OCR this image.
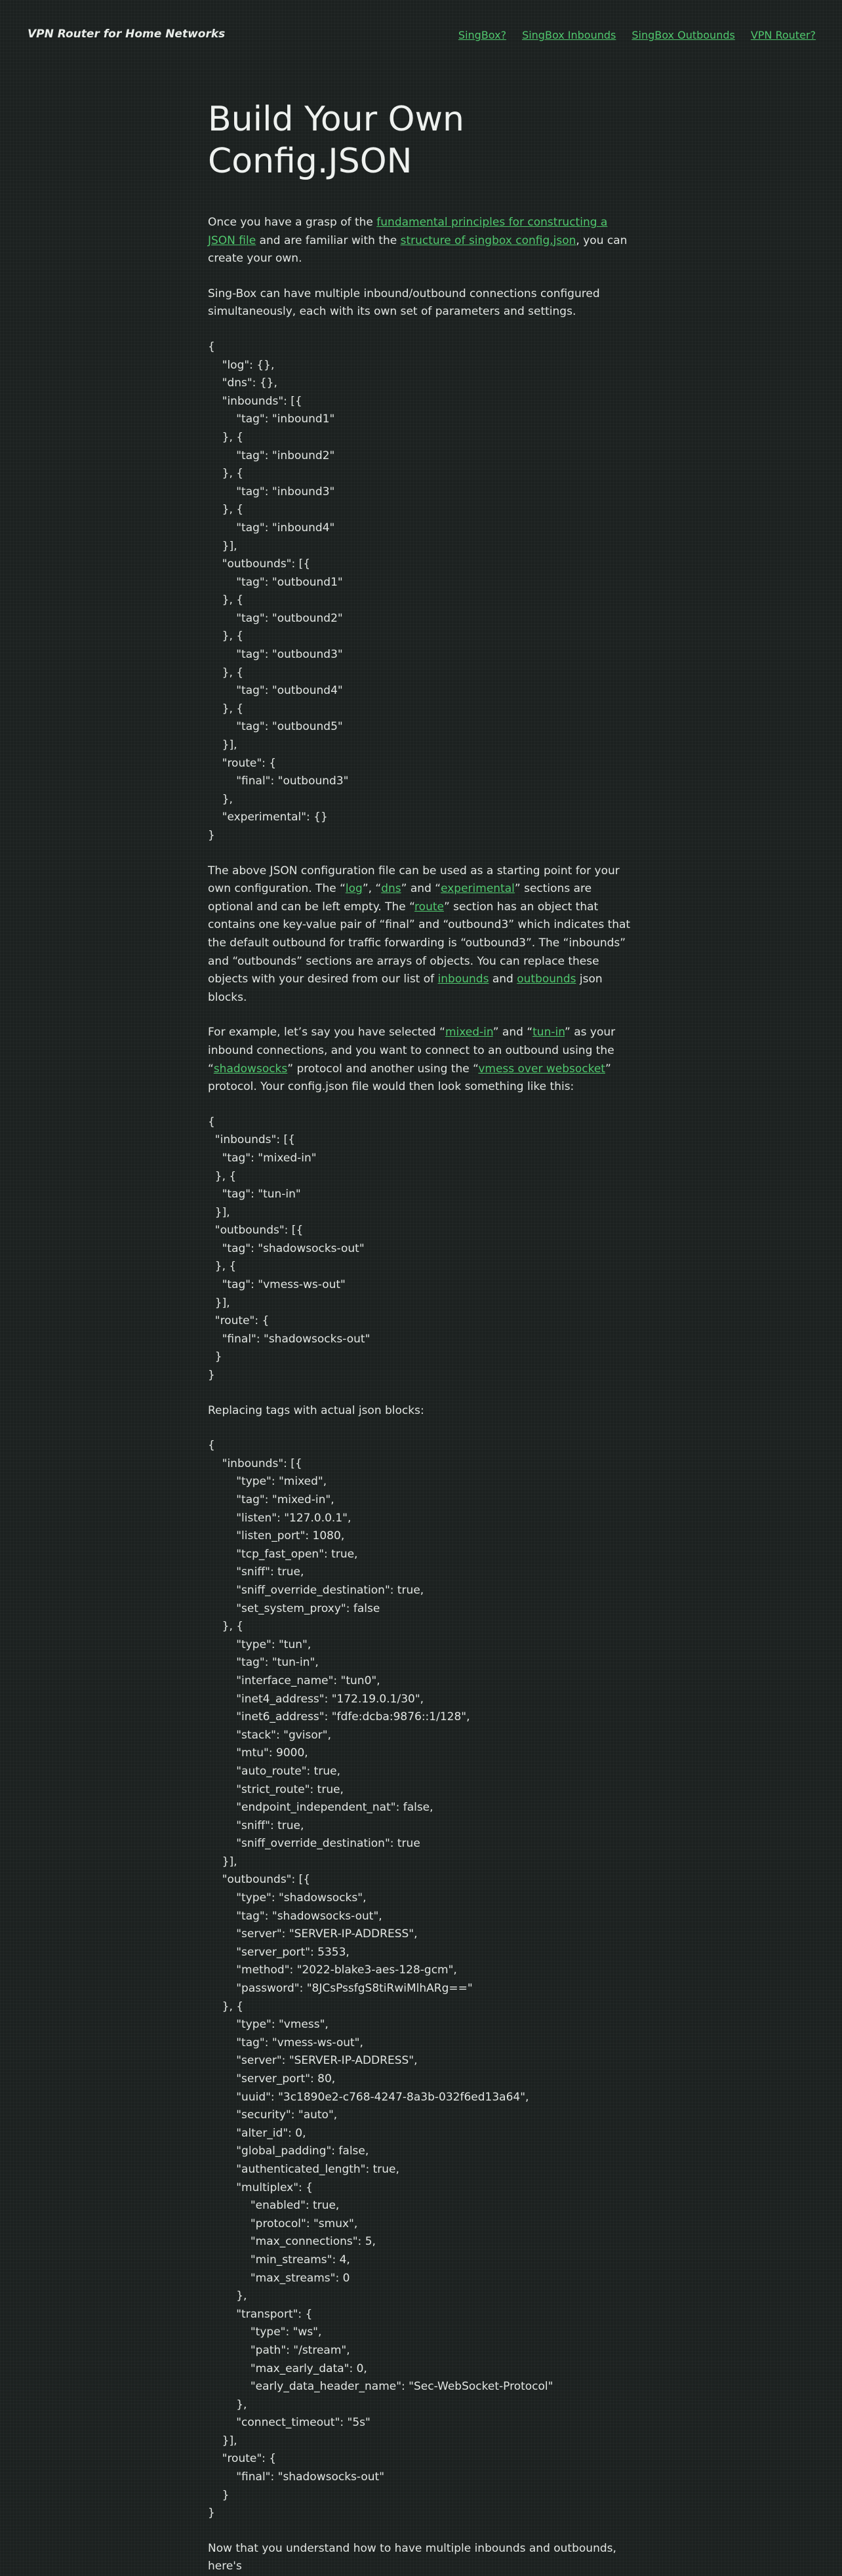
VPN Router for Home Networks	SingBox? SingBox Inbounds SingBox Outbounds VPN Router?
Build Your Own Config.JSON

Once you have a grasp of the fundamental principles for constructing a JSON file and are familiar with the structure of singbox config.json, you can create your own.

Sing-Box can have multiple inbound/outbound connections configured simultaneously, each with its own set of parameters and settings.

{
	"log": {},
	"dns": {},
	"inbounds": [{
		"tag": "inbound1"
	}, {
		"tag": "inbound2"
	}, {
		"tag": "inbound3"
	}, {
		"tag": "inbound4"
	}],
	"outbounds": [{
		"tag": "outbound1"
	}, {
		"tag": "outbound2"
	}, {
		"tag": "outbound3"
	}, {
		"tag": "outbound4"
	}, {
		"tag": "outbound5"
	}],
	"route": {
		"final": "outbound3"
	},
	"experimental": {}
}

The above JSON configuration file can be used as a starting point for your own configuration. The “log”, “dns” and “experimental” sections are optional and can be left empty. The “route” section has an object that contains one key-value pair of “final” and “outbound3” which indicates that the default outbound for traffic forwarding is “outbound3”. The “inbounds” and “outbounds” sections are arrays of objects. You can replace these objects with your desired from our list of inbounds and outbounds json blocks.

For example, let’s say you have selected “mixed-in” and “tun-in” as your inbound connections, and you want to connect to an outbound using the “shadowsocks” protocol and another using the “vmess over websocket” protocol. Your config.json file would then look something like this:

{
"inbounds": [{
"tag": "mixed-in"
}, {
"tag": "tun-in"
}],
"outbounds": [{
"tag": "shadowsocks-out"
}, {
"tag": "vmess-ws-out"
}],
"route": {
"final": "shadowsocks-out"
}
}

Replacing tags with actual json blocks:

{
	"inbounds": [{
		"type": "mixed",
		"tag": "mixed-in",
		"listen": "127.0.0.1",
		"listen_port": 1080,
		"tcp_fast_open": true,
		"sniff": true,
		"sniff_override_destination": true,
		"set_system_proxy": false
	}, {
		"type": "tun",
		"tag": "tun-in",
		"interface_name": "tun0",
		"inet4_address": "172.19.0.1/30",
		"inet6_address": "fdfe:dcba:9876::1/128",
		"stack": "gvisor",
		"mtu": 9000,
		"auto_route": true,
		"strict_route": true,
		"endpoint_independent_nat": false,
		"sniff": true,
		"sniff_override_destination": true
	}],
	"outbounds": [{
		"type": "shadowsocks",
		"tag": "shadowsocks-out",
		"server": "SERVER-IP-ADDRESS",
		"server_port": 5353,
		"method": "2022-blake3-aes-128-gcm",
		"password": "8JCsPssfgS8tiRwiMlhARg=="
	}, {
		"type": "vmess",
		"tag": "vmess-ws-out",
		"server": "SERVER-IP-ADDRESS",
		"server_port": 80,
		"uuid": "3c1890e2-c768-4247-8a3b-032f6ed13a64",
		"security": "auto",
		"alter_id": 0,
		"global_padding": false,
		"authenticated_length": true,
		"multiplex": {
			"enabled": true,
			"protocol": "smux",
			"max_connections": 5,
			"min_streams": 4,
			"max_streams": 0
		},
		"transport": {
			"type": "ws",
			"path": "/stream",
			"max_early_data": 0,
			"early_data_header_name": "Sec-WebSocket-Protocol"
		},
		"connect_timeout": "5s"
	}],
	"route": {
		"final": "shadowsocks-out"
	}
}

Now that you understand how to have multiple inbounds and outbounds, here's
